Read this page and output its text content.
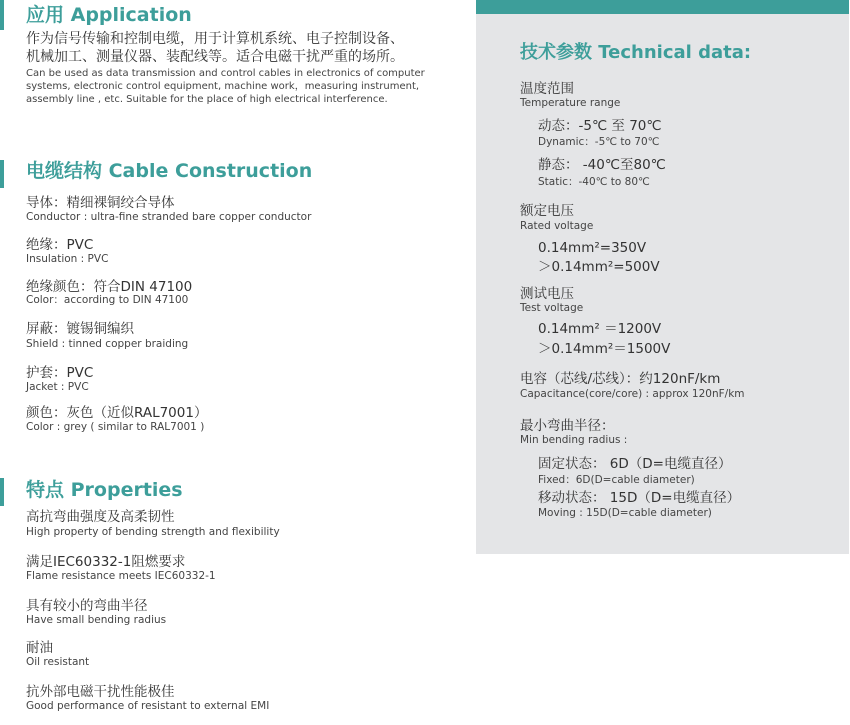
应用 Application
作为信号传输和控制电缆，用于计算机系统、电子控制设备、
机械加工、测量仪器、装配线等。适合电磁干扰严重的场所。
Can be used as data transmission and control cables in electronics of computer
systems, electronic control equipment, machine work，measuring instrument,
assembly line , etc. Suitable for the place of high electrical interference.
电缆结构 Cable Construction
导体：精细裸铜绞合导体
Conductor : ultra-fine stranded bare copper conductor
绝缘：PVC
Insulation : PVC
绝缘颜色：符合DIN 47100
Color：according to DIN 47100
屏蔽：镀锡铜编织
Shield : tinned copper braiding
护套：PVC
Jacket : PVC
颜色：灰色（近似RAL7001）
Color : grey ( similar to RAL7001 )
特点 Properties
高抗弯曲强度及高柔韧性
High property of bending strength and flexibility
满足IEC60332-1阻燃要求
Flame resistance meets IEC60332-1
具有较小的弯曲半径
Have small bending radius
耐油
Oil resistant
抗外部电磁干扰性能极佳
Good performance of resistant to external EMI
技术参数 Technical data:
温度范围
Temperature range
动态：-5℃ 至 70℃
Dynamic：-5℃ to 70℃
静态： -40℃至80℃
Static：-40℃ to 80℃
额定电压
Rated voltage
0.14mm²=350V
＞0.14mm²=500V
测试电压
Test voltage
0.14mm² ＝1200V
＞0.14mm²＝1500V
电容（芯线/芯线）：约120nF/km
Capacitance(core/core) : approx 120nF/km
最小弯曲半径：
Min bending radius :
固定状态： 6D（D=电缆直径）
Fixed：6D(D=cable diameter)
移动状态： 15D（D=电缆直径）
Moving : 15D(D=cable diameter)
